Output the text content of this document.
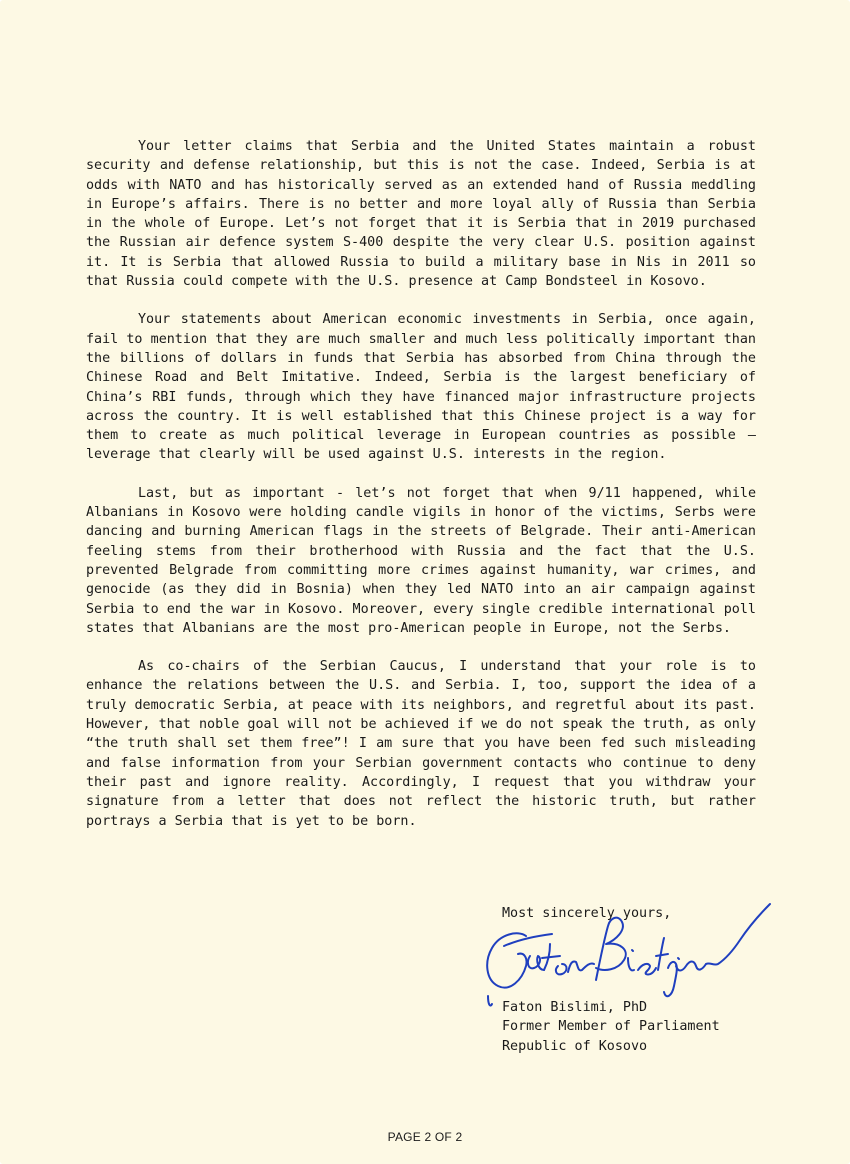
Your letter claims that Serbia and the United States maintain a robust security and defense relationship, but this is not the case. Indeed, Serbia is at odds with NATO and has historically served as an extended hand of Russia meddling in Europe’s affairs. There is no better and more loyal ally of Russia than Serbia in the whole of Europe. Let’s not forget that it is Serbia that in 2019 purchased the Russian air defence system S-400 despite the very clear U.S. position against it. It is Serbia that allowed Russia to build a military base in Nis in 2011 so that Russia could compete with the U.S. presence at Camp Bondsteel in Kosovo.

Your statements about American economic investments in Serbia, once again, fail to mention that they are much smaller and much less politically important than the billions of dollars in funds that Serbia has absorbed from China through the Chinese Road and Belt Imitative. Indeed, Serbia is the largest beneficiary of China’s RBI funds, through which they have financed major infrastructure projects across the country. It is well established that this Chinese project is a way for them to create as much political leverage in European countries as possible – leverage that clearly will be used against U.S. interests in the region.

Last, but as important - let’s not forget that when 9/11 happened, while Albanians in Kosovo were holding candle vigils in honor of the victims, Serbs were dancing and burning American flags in the streets of Belgrade. Their anti-American feeling stems from their brotherhood with Russia and the fact that the U.S. prevented Belgrade from committing more crimes against humanity, war crimes, and genocide (as they did in Bosnia) when they led NATO into an air campaign against Serbia to end the war in Kosovo. Moreover, every single credible international poll states that Albanians are the most pro-American people in Europe, not the Serbs.

As co-chairs of the Serbian Caucus, I understand that your role is to enhance the relations between the U.S. and Serbia. I, too, support the idea of a truly democratic Serbia, at peace with its neighbors, and regretful about its past. However, that noble goal will not be achieved if we do not speak the truth, as only “the truth shall set them free”! I am sure that you have been fed such misleading and false information from your Serbian government contacts who continue to deny their past and ignore reality. Accordingly, I request that you withdraw your signature from a letter that does not reflect the historic truth, but rather portrays a Serbia that is yet to be born.

Most sincerely yours,
Faton Bislimi, PhD
Former Member of Parliament
Republic of Kosovo
PAGE 2 OF 2
